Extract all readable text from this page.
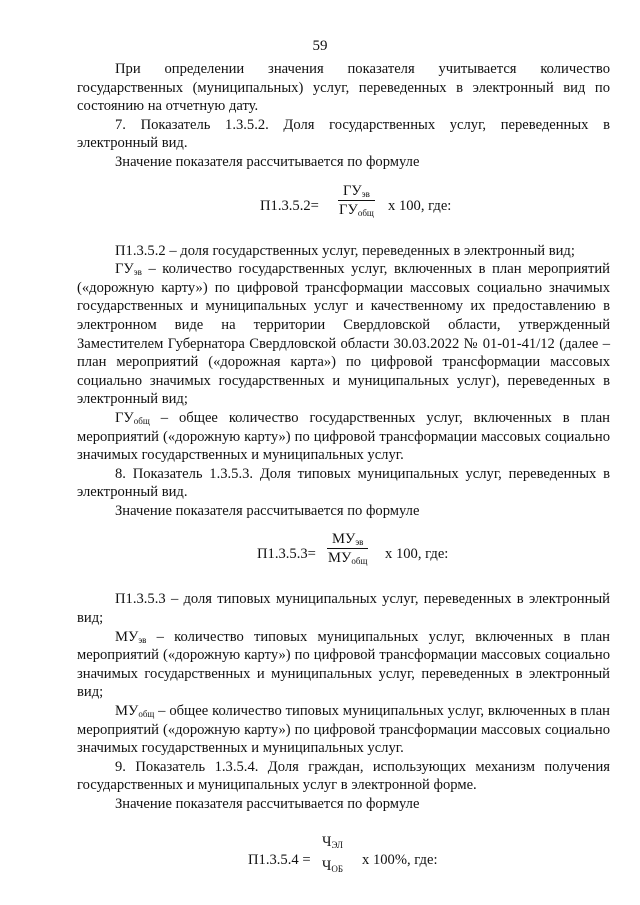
59

При определении значения показателя учитывается количество государственных (муниципальных) услуг, переведенных в электронный вид по состоянию на отчетную дату.

7. Показатель 1.3.5.2. Доля государственных услуг, переведенных в электронный вид.

Значение показателя рассчитывается по формуле

П1.3.5.2=
$ГУ_{эв}$
$ГУ_{общ}$ х 100, где:

П1.3.5.2 – доля государственных услуг, переведенных в электронный вид;

$ГУ_{эв}$ – количество государственных услуг, включенных в план мероприятий («дорожную карту») по цифровой трансформации массовых социально значимых государственных и муниципальных услуг и качественному их предоставлению в электронном виде на территории Свердловской области, утвержденный Заместителем Губернатора Свердловской области 30.03.2022 № 01-01-41/12 (далее – план мероприятий («дорожная карта») по цифровой трансформации массовых социально значимых государственных и муниципальных услуг), переведенных в электронный вид;

$ГУ_{общ}$ – общее количество государственных услуг, включенных в план мероприятий («дорожную карту») по цифровой трансформации массовых социально значимых государственных и муниципальных услуг.

8. Показатель 1.3.5.3. Доля типовых муниципальных услуг, переведенных в электронный вид.

Значение показателя рассчитывается по формуле

П1.3.5.3=
$МУ_{эв}$
$МУ_{общ}$ х 100, где:

П1.3.5.3 – доля типовых муниципальных услуг, переведенных в электронный вид;

$МУ_{эв}$ – количество типовых муниципальных услуг, включенных в план мероприятий («дорожную карту») по цифровой трансформации массовых социально значимых государственных и муниципальных услуг, переведенных в электронный вид;

$МУ_{общ}$ – общее количество типовых муниципальных услуг, включенных в план мероприятий («дорожную карту») по цифровой трансформации массовых социально значимых государственных и муниципальных услуг.

9. Показатель 1.3.5.4. Доля граждан, использующих механизм получения государственных и муниципальных услуг в электронной форме.

Значение показателя рассчитывается по формуле

П1.3.5.4 =
$Ч_{ЭЛ}$
$Ч_{ОБ}$
х 100%, где:
